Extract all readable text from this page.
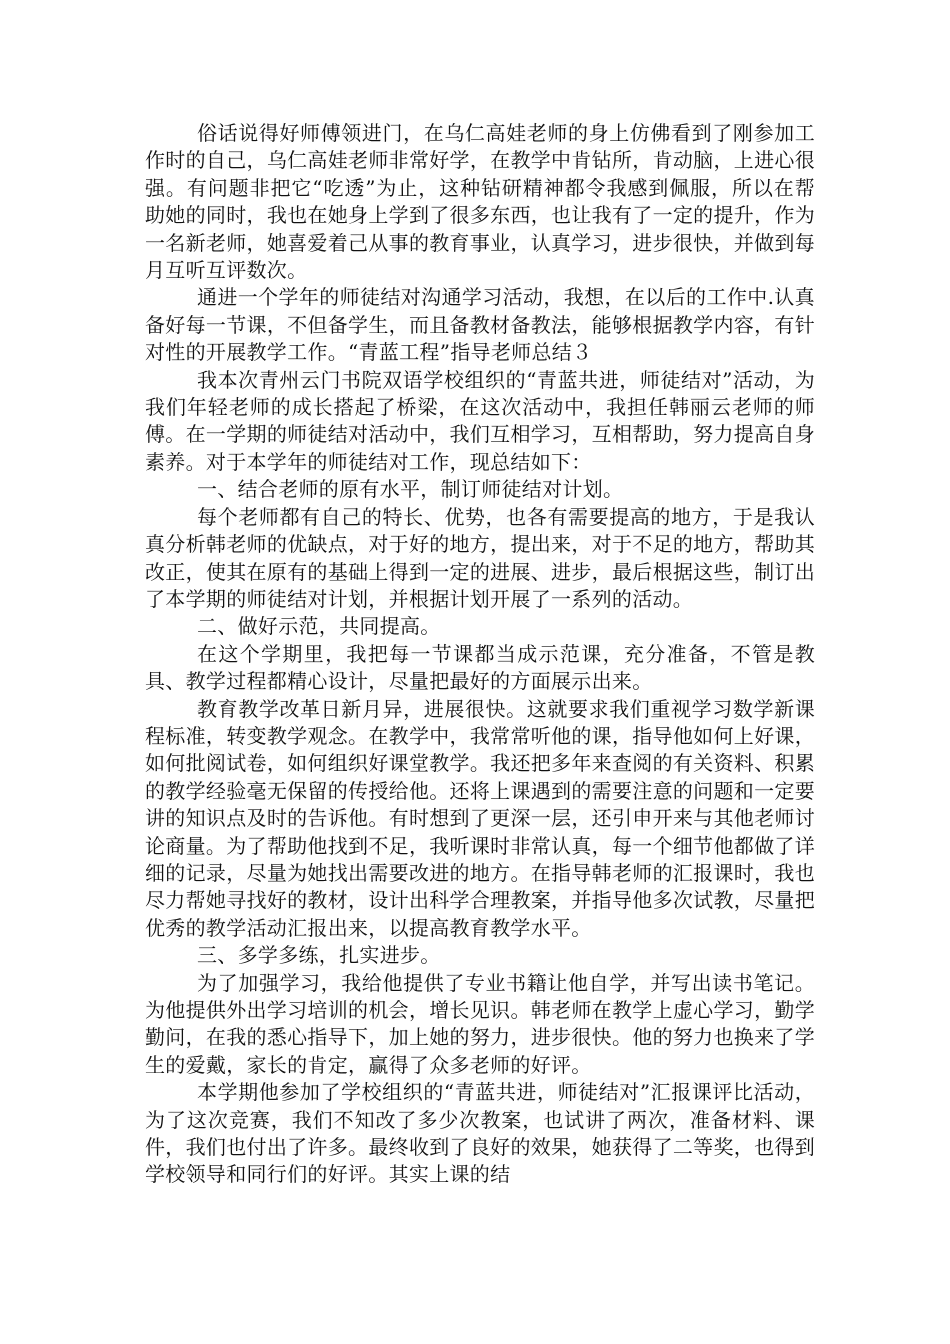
俗话说得好师傅领进门，在乌仁高娃老师的身上仿佛看到了刚参加工作时的自己，乌仁高娃老师非常好学，在教学中肯钻所，肯动脑，上进心很强。有问题非把它“吃透”为止，这种钻研精神都令我感到佩服，所以在帮助她的同时，我也在她身上学到了很多东西，也让我有了一定的提升，作为一名新老师，她喜爱着己从事的教育事业，认真学习，进步很快，并做到每月互听互评数次。

通进一个学年的师徒结对沟通学习活动，我想，在以后的工作中.认真备好每一节课，不但备学生，而且备教材备教法，能够根据教学内容，有针对性的开展教学工作。“青蓝工程”指导老师总结３

我本次青州云门书院双语学校组织的“青蓝共进，师徒结对”活动，为我们年轻老师的成长搭起了桥梁，在这次活动中，我担任韩丽云老师的师傅。在一学期的师徒结对活动中，我们互相学习，互相帮助，努力提高自身素养。对于本学年的师徒结对工作，现总结如下：

一、结合老师的原有水平，制订师徒结对计划。

每个老师都有自己的特长、优势，也各有需要提高的地方，于是我认真分析韩老师的优缺点，对于好的地方，提出来，对于不足的地方，帮助其改正，使其在原有的基础上得到一定的进展、进步，最后根据这些，制订出了本学期的师徒结对计划，并根据计划开展了一系列的活动。

二、做好示范，共同提高。

在这个学期里，我把每一节课都当成示范课，充分准备，不管是教具、教学过程都精心设计，尽量把最好的方面展示出来。

教育教学改革日新月异，进展很快。这就要求我们重视学习数学新课程标准，转变教学观念。在教学中，我常常听他的课，指导他如何上好课，如何批阅试卷，如何组织好课堂教学。我还把多年来查阅的有关资料、积累的教学经验毫无保留的传授给他。还将上课遇到的需要注意的问题和一定要讲的知识点及时的告诉他。有时想到了更深一层，还引申开来与其他老师讨论商量。为了帮助他找到不足，我听课时非常认真，每一个细节他都做了详细的记录，尽量为她找出需要改进的地方。在指导韩老师的汇报课时，我也尽力帮她寻找好的教材，设计出科学合理教案，并指导他多次试教，尽量把优秀的教学活动汇报出来，以提高教育教学水平。

三、多学多练，扎实进步。

为了加强学习，我给他提供了专业书籍让他自学，并写出读书笔记。为他提供外出学习培训的机会，增长见识。韩老师在教学上虚心学习，勤学勤问，在我的悉心指导下，加上她的努力，进步很快。他的努力也换来了学生的爱戴，家长的肯定，赢得了众多老师的好评。

本学期他参加了学校组织的“青蓝共进，师徒结对”汇报课评比活动，为了这次竞赛，我们不知改了多少次教案，也试讲了两次，准备材料、课件，我们也付出了许多。最终收到了良好的效果，她获得了二等奖，也得到学校领导和同行们的好评。其实上课的结
